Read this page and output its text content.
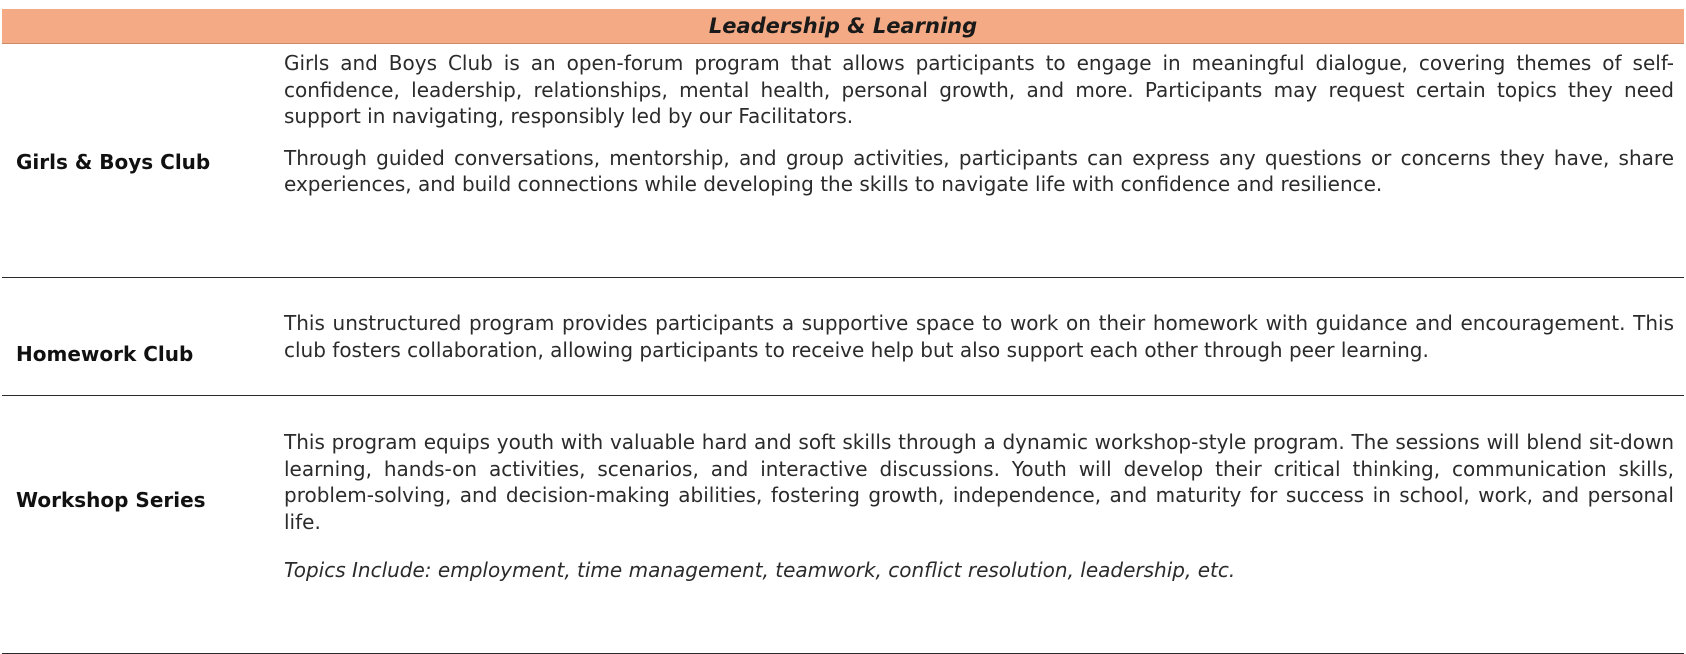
Leadership & Learning
Girls & Boys Club

Girls and Boys Club is an open-forum program that allows participants to engage in meaningful dialogue, covering themes of self-confidence, leadership, relationships, mental health, personal growth, and more. Participants may request certain topics they need support in navigating, responsibly led by our Facilitators.

Through guided conversations, mentorship, and group activities, participants can express any questions or concerns they have, share experiences, and build connections while developing the skills to navigate life with confidence and resilience.

Homework Club

This unstructured program provides participants a supportive space to work on their homework with guidance and encouragement. This club fosters collaboration, allowing participants to receive help but also support each other through peer learning.

Workshop Series

This program equips youth with valuable hard and soft skills through a dynamic workshop-style program. The sessions will blend sit-down learning, hands-on activities, scenarios, and interactive discussions. Youth will develop their critical thinking, communication skills, problem-solving, and decision-making abilities, fostering growth, independence, and maturity for success in school, work, and personal life.

Topics Include: employment, time management, teamwork, conflict resolution, leadership, etc.
